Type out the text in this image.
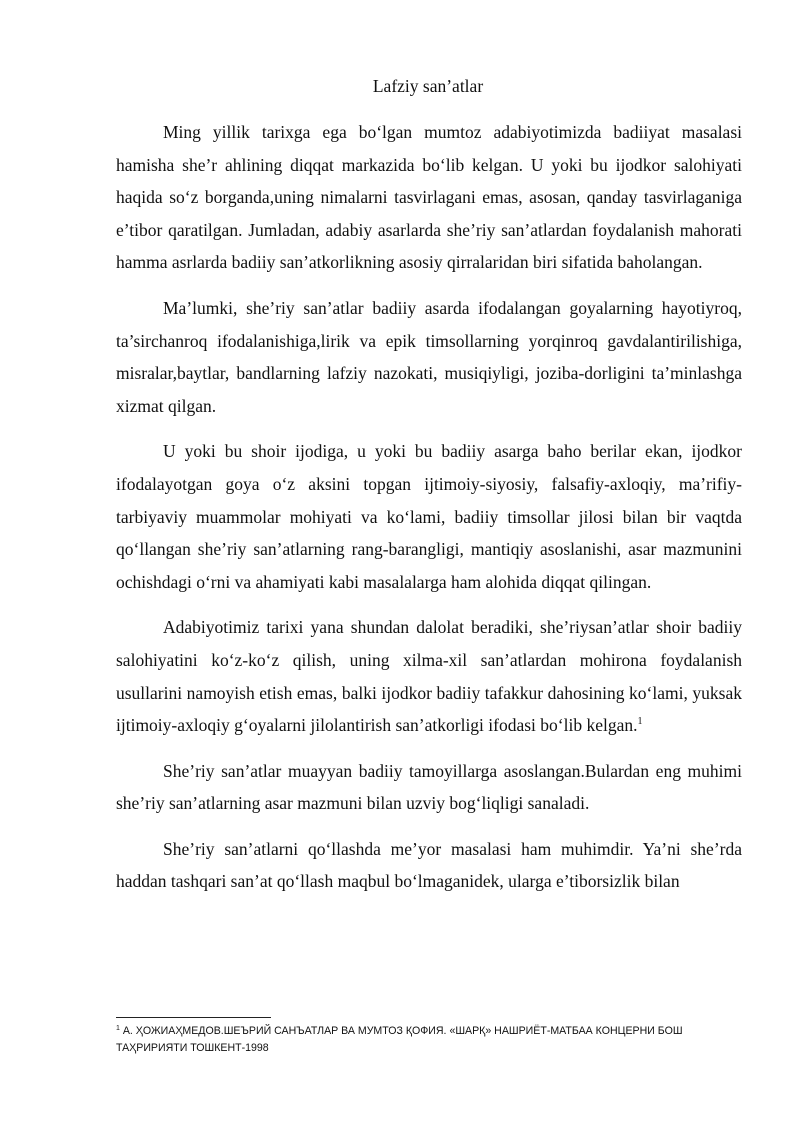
Lafziy san’atlar

Ming yillik tarixga ega bo‘lgan mumtoz adabiyotimizda badiiyat masalasi hamisha she’r ahlining diqqat markazida bo‘lib kelgan. U yoki bu ijodkor salohiyati haqida so‘z borganda,uning nimalarni tasvirlagani emas, asosan, qanday tasvirlaganiga e’tibor qaratilgan. Jumladan, adabiy asarlarda she’riy san’atlardan foydalanish mahorati hamma asrlarda badiiy san’atkorlikning asosiy qirralaridan biri sifatida baholangan.

Ma’lumki, she’riy san’atlar badiiy asarda ifodalangan goyalarning hayotiyroq, ta’sirchanroq ifodalanishiga,lirik va epik timsollarning yorqinroq gavdalantirilishiga, misralar,baytlar, bandlarning lafziy nazokati, musiqiyligi, joziba-dorligini ta’minlashga xizmat qilgan.

U yoki bu shoir ijodiga, u yoki bu badiiy asarga baho berilar ekan, ijodkor ifodalayotgan goya o‘z aksini topgan ijtimoiy-siyosiy, falsafiy-axloqiy, ma’rifiy-tarbiyaviy muammolar mohiyati va ko‘lami, badiiy timsollar jilosi bilan bir vaqtda qo‘llangan she’riy san’atlarning rang-barangligi, mantiqiy asoslanishi, asar mazmunini ochishdagi o‘rni va ahamiyati kabi masalalarga ham alohida diqqat qilingan.

Adabiyotimiz tarixi yana shundan dalolat beradiki, she’riysan’atlar shoir badiiy salohiyatini ko‘z-ko‘z qilish, uning xilma-xil san’atlardan mohirona foydalanish usullarini namoyish etish emas, balki ijodkor badiiy tafakkur dahosining ko‘lami, yuksak ijtimoiy-axloqiy g‘oyalarni jilolantirish san’atkorligi ifodasi bo‘lib kelgan.$^1$

She’riy san’atlar muayyan badiiy tamoyillarga asoslangan.Bulardan eng muhimi she’riy san’atlarning asar mazmuni bilan uzviy bog‘liqligi sanaladi.

She’riy san’atlarni qo‘llashda me’yor masalasi ham muhimdir. Ya’ni she’rda haddan tashqari san’at qo‘llash maqbul bo‘lmaganidek, ularga e’tiborsizlik bilan

$^1$ А. ҲОЖИАҲМЕДОВ.ШЕЪРИЙ САНЪАТЛАР ВА МУМТОЗ ҚОФИЯ. «ШАРҚ» НАШРИЁТ-МАТБАА КОНЦЕРНИ БОШ ТАҲРИРИЯТИ ТОШКЕНТ-1998
